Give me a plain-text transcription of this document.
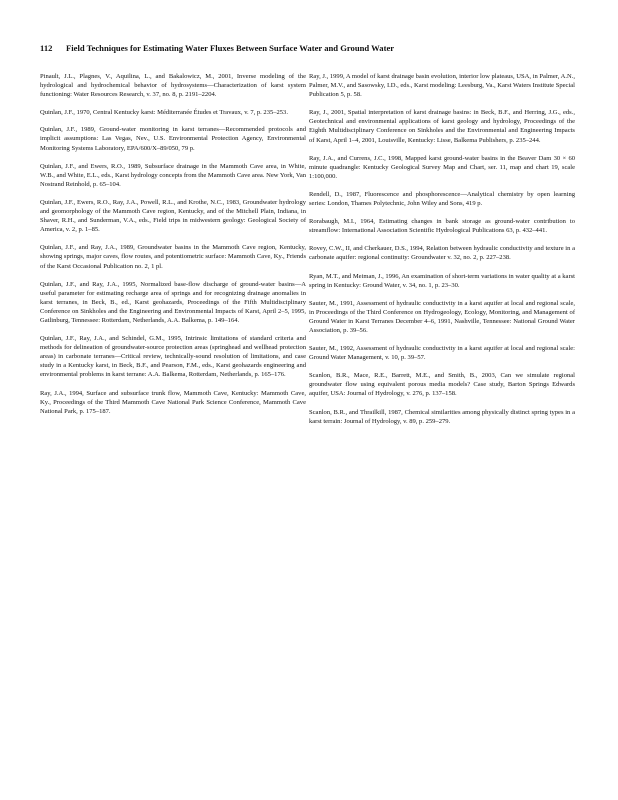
112 Field Techniques for Estimating Water Fluxes Between Surface Water and Ground Water

Pinault, J.L., Plagnes, V., Aquilina, L., and Bakalowicz, M., 2001, Inverse modeling of the hydrological and hydrochemical behavior of hydrosystems—Characterization of karst system functioning: Water Resources Research, v. 37, no. 8, p. 2191–2204.

Quinlan, J.F., 1970, Central Kentucky karst: Méditerranée Études et Travaux, v. 7, p. 235–253.

Quinlan, J.F., 1989, Ground-water monitoring in karst terranes—Recommended protocols and implicit assumptions: Las Vegas, Nev., U.S. Environmental Protection Agency, Environmental Monitoring Systems Laboratory, EPA/600/X–89/050, 79 p.

Quinlan, J.F., and Ewers, R.O., 1989, Subsurface drainage in the Mammoth Cave area, in White, W.B., and White, E.L., eds., Karst hydrology concepts from the Mammoth Cave area. New York, Van Nostrand Reinhold, p. 65–104.

Quinlan, J.F., Ewers, R.O., Ray, J.A., Powell, R.L., and Krothe, N.C., 1983, Groundwater hydrology and geomorphology of the Mammoth Cave region, Kentucky, and of the Mitchell Plain, Indiana, in Shaver, R.H., and Sunderman, V.A., eds., Field trips in midwestern geology: Geological Society of America, v. 2, p. 1–85.

Quinlan, J.F., and Ray, J.A., 1989, Groundwater basins in the Mammoth Cave region, Kentucky, showing springs, major caves, flow routes, and potentiometric surface: Mammoth Cave, Ky., Friends of the Karst Occasional Publication no. 2, 1 pl.

Quinlan, J.F., and Ray, J.A., 1995, Normalized base-flow discharge of ground-water basins—A useful parameter for estimating recharge area of springs and for recognizing drainage anomalies in karst terranes, in Beck, B., ed., Karst geohazards, Proceedings of the Fifth Multidisciplinary Conference on Sinkholes and the Engineering and Environmental Impacts of Karst, April 2–5, 1995, Gatlinburg, Tennessee: Rotterdam, Netherlands, A.A. Balkema, p. 149–164.

Quinlan, J.F., Ray, J.A., and Schindel, G.M., 1995, Intrinsic limitations of standard criteria and methods for delineation of groundwater-source protection areas (springhead and wellhead protection areas) in carbonate terranes—Critical review, technically-sound resolution of limitations, and case study in a Kentucky karst, in Beck, B.F., and Pearson, F.M., eds., Karst geohazards engineering and environmental problems in karst terrane: A.A. Balkema, Rotterdam, Netherlands, p. 165–176.

Ray, J.A., 1994, Surface and subsurface trunk flow, Mammoth Cave, Kentucky: Mammoth Cave, Ky., Proceedings of the Third Mammoth Cave National Park Science Conference, Mammoth Cave National Park, p. 175–187.

Ray, J., 1999, A model of karst drainage basin evolution, interior low plateaus, USA, in Palmer, A.N., Palmer, M.V., and Sasowsky, I.D., eds., Karst modeling: Leesburg, Va., Karst Waters Institute Special Publication 5, p. 58.

Ray, J., 2001, Spatial interpretation of karst drainage basins: in Beck, B.F., and Herring, J.G., eds., Geotechnical and environmental applications of karst geology and hydrology, Proceedings of the Eighth Multidisciplinary Conference on Sinkholes and the Environmental and Engineering Impacts of Karst, April 1–4, 2001, Louisville, Kentucky: Lisse, Balkema Publishers, p. 235–244.

Ray, J.A., and Currens, J.C., 1998, Mapped karst ground-water basins in the Beaver Dam 30 × 60 minute quadrangle: Kentucky Geological Survey Map and Chart, ser. 11, map and chart 19, scale 1:100,000.

Rendell, D., 1987, Fluorescence and phosphorescence—Analytical chemistry by open learning series: London, Thames Polytechnic, John Wiley and Sons, 419 p.

Rorabaugh, M.I., 1964, Estimating changes in bank storage as ground-water contribution to streamflow: International Association Scientific Hydrological Publications 63, p. 432–441.

Rovey, C.W., II, and Cherkauer, D.S., 1994, Relation between hydraulic conductivity and texture in a carbonate aquifer: regional continuity: Groundwater v. 32, no. 2, p. 227–238.

Ryan, M.T., and Meiman, J., 1996, An examination of short-term variations in water quality at a karst spring in Kentucky: Ground Water, v. 34, no. 1, p. 23–30.

Sauter, M., 1991, Assessment of hydraulic conductivity in a karst aquifer at local and regional scale, in Proceedings of the Third Conference on Hydrogeology, Ecology, Monitoring, and Management of Ground Water in Karst Terranes December 4–6, 1991, Nashville, Tennessee: National Ground Water Association, p. 39–56.

Sauter, M., 1992, Assessment of hydraulic conductivity in a karst aquifer at local and regional scale: Ground Water Management, v. 10, p. 39–57.

Scanlon, B.R., Mace, R.E., Barrett, M.E., and Smith, B., 2003, Can we simulate regional groundwater flow using equivalent porous media models? Case study, Barton Springs Edwards aquifer, USA: Journal of Hydrology, v. 276, p. 137–158.

Scanlon, B.R., and Thrailkill, 1987, Chemical similarities among physically distinct spring types in a karst terrain: Journal of Hydrology, v. 89, p. 259–279.
